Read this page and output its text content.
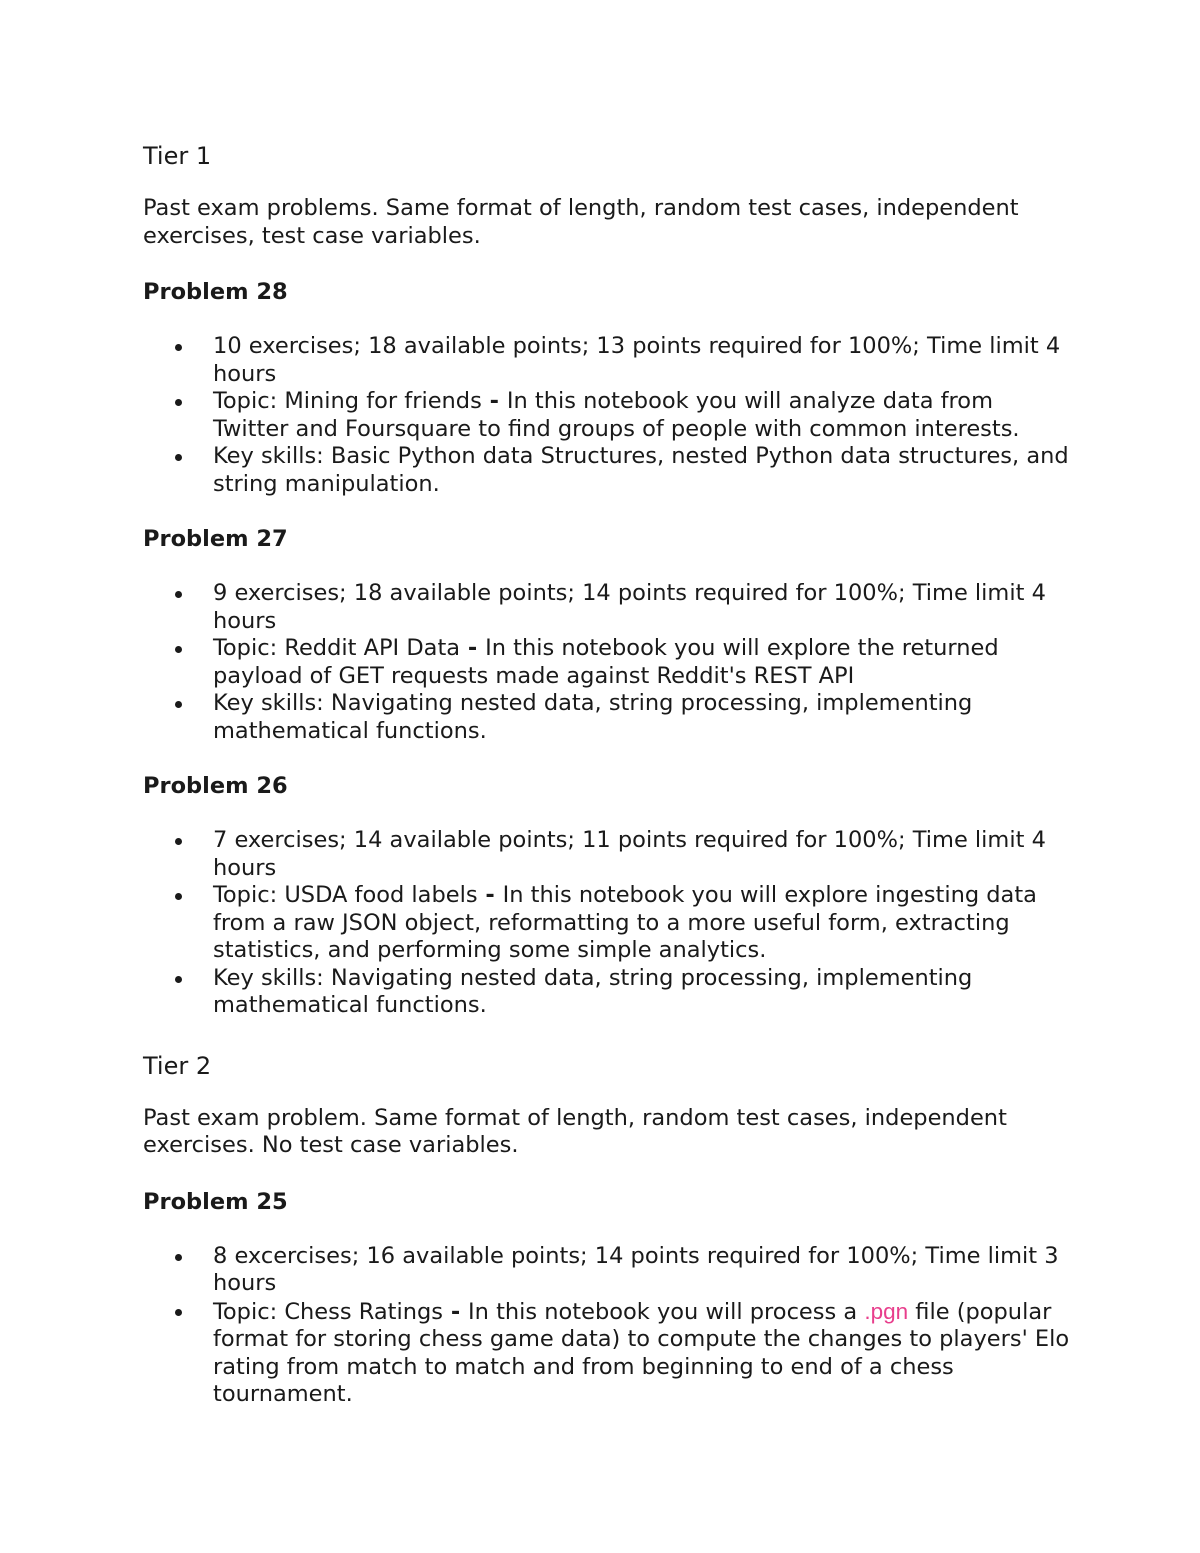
Tier 1

Past exam problems. Same format of length, random test cases, independent exercises, test case variables.

Problem 28

10 exercises; 18 available points; 13 points required for 100%; Time limit 4 hours
Topic: Mining for friends - In this notebook you will analyze data from Twitter and Foursquare to find groups of people with common interests.
Key skills: Basic Python data Structures, nested Python data structures, and string manipulation.

Problem 27

9 exercises; 18 available points; 14 points required for 100%; Time limit 4 hours
Topic: Reddit API Data - In this notebook you will explore the returned payload of GET requests made against Reddit's REST API
Key skills: Navigating nested data, string processing, implementing mathematical functions.

Problem 26

7 exercises; 14 available points; 11 points required for 100%; Time limit 4 hours
Topic: USDA food labels - In this notebook you will explore ingesting data from a raw JSON object, reformatting to a more useful form, extracting statistics, and performing some simple analytics.
Key skills: Navigating nested data, string processing, implementing mathematical functions.
Tier 2

Past exam problem. Same format of length, random test cases, independent exercises. No test case variables.

Problem 25

8 excercises; 16 available points; 14 points required for 100%; Time limit 3 hours
Topic: Chess Ratings - In this notebook you will process a .pgn file (popular format for storing chess game data) to compute the changes to players' Elo rating from match to match and from beginning to end of a chess tournament.
